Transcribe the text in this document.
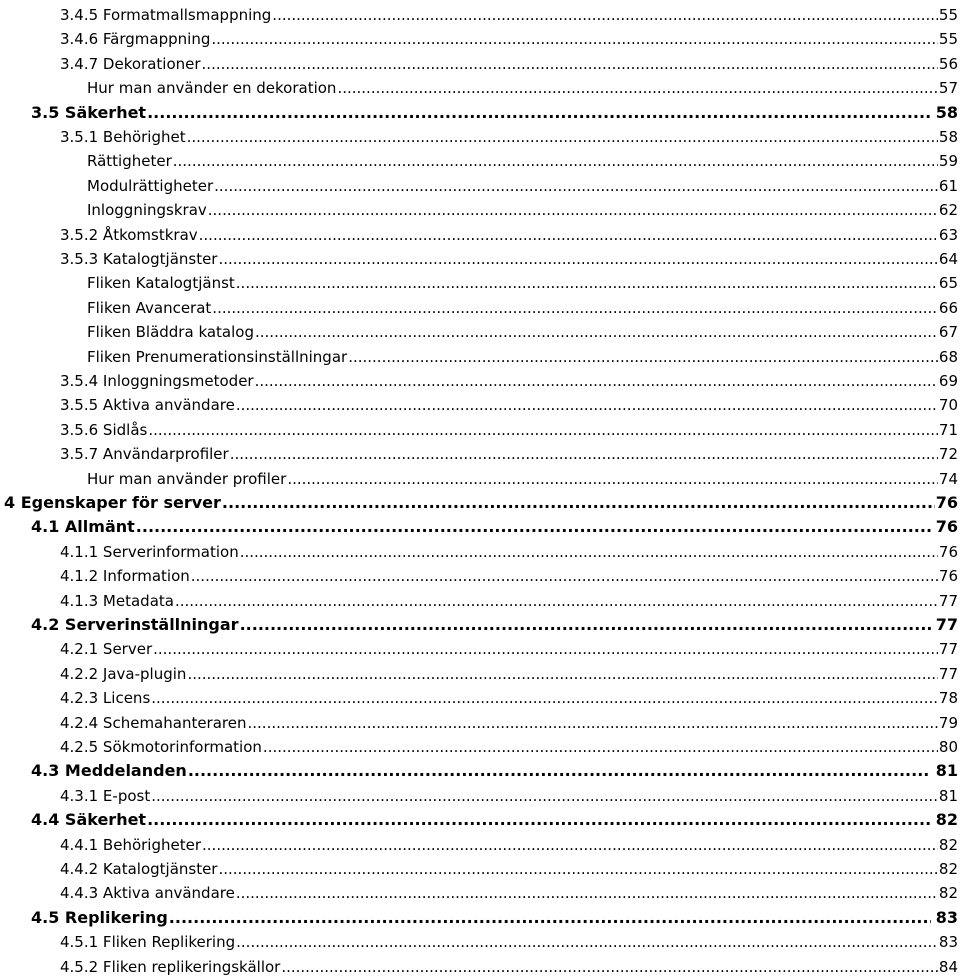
3.4.5 Formatmallsmappning .....	55
3.4.6 Färgmappning .....	55
3.4.7 Dekorationer .....	56
Hur man använder en dekoration .....	57
3.5 Säkerhet .....	58
3.5.1 Behörighet .....	58
Rättigheter .....	59
Modulrättigheter .....	61
Inloggningskrav .....	62
3.5.2 Åtkomstkrav .....	63
3.5.3 Katalogtjänster .....	64
Fliken Katalogtjänst .....	65
Fliken Avancerat .....	66
Fliken Bläddra katalog .....	67
Fliken Prenumerationsinställningar .....	68
3.5.4 Inloggningsmetoder .....	69
3.5.5 Aktiva användare .....	70
3.5.6 Sidlås .....	71
3.5.7 Användarprofiler .....	72
Hur man använder profiler .....	74
4 Egenskaper för server .....	76
4.1 Allmänt .....	76
4.1.1 Serverinformation .....	76
4.1.2 Information .....	76
4.1.3 Metadata .....	77
4.2 Serverinställningar .....	77
4.2.1 Server .....	77
4.2.2 Java-plugin .....	77
4.2.3 Licens .....	78
4.2.4 Schemahanteraren .....	79
4.2.5 Sökmotorinformation .....	80
4.3 Meddelanden .....	81
4.3.1 E-post .....	81
4.4 Säkerhet .....	82
4.4.1 Behörigheter .....	82
4.4.2 Katalogtjänster .....	82
4.4.3 Aktiva användare .....	82
4.5 Replikering .....	83
4.5.1 Fliken Replikering .....	83
4.5.2 Fliken replikeringskällor .....	84
